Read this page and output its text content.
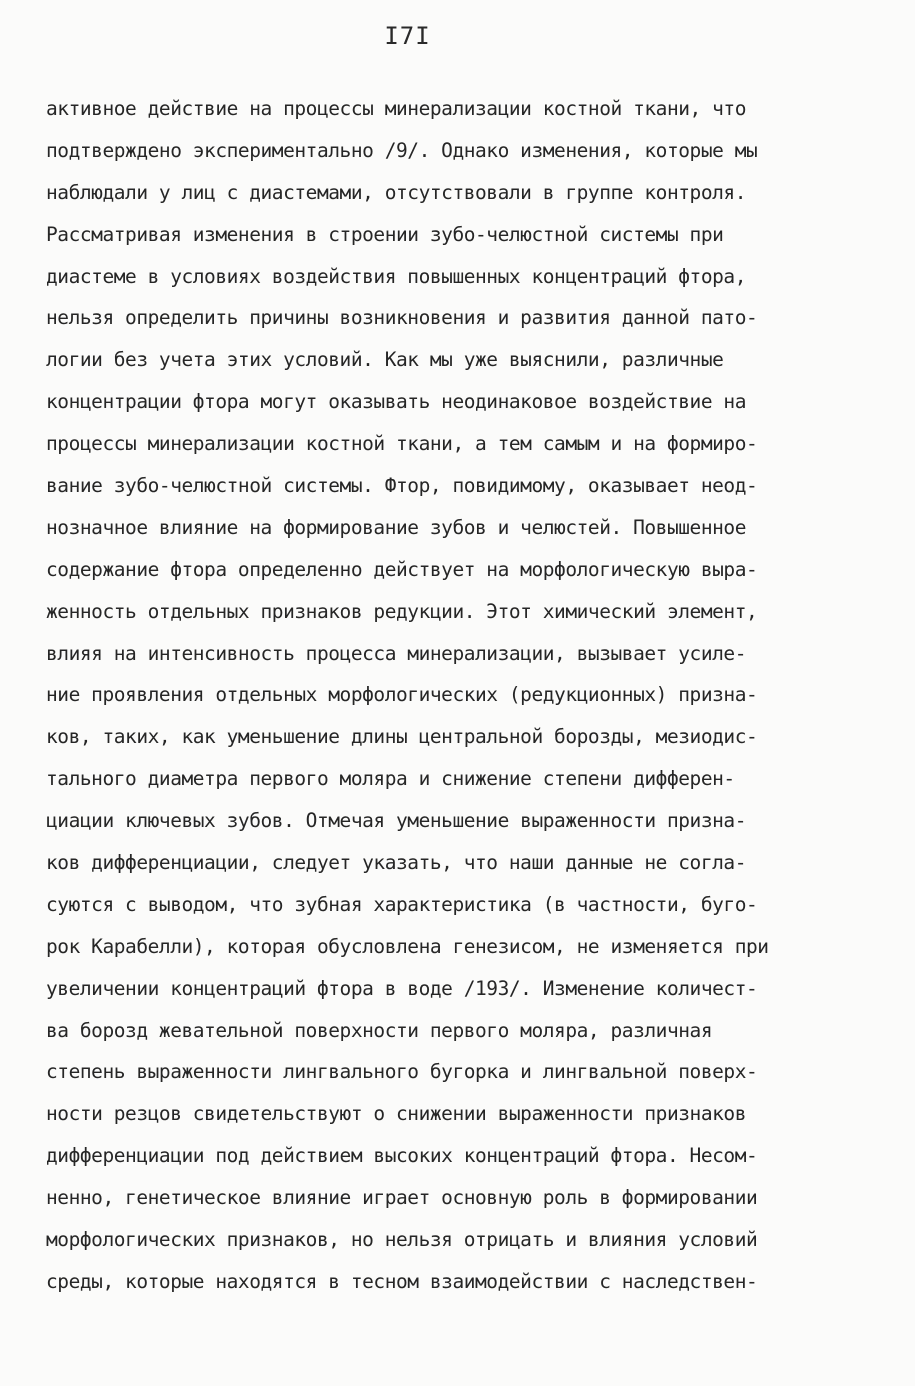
I7I
активное действие на процессы минерализации костной ткани, что
подтверждено экспериментально /9/. Однако изменения, которые мы
наблюдали у лиц с диастемами, отсутствовали в группе контроля.
Рассматривая изменения в строении зубо-челюстной системы при
диастеме в условиях воздействия повышенных концентраций фтора,
нельзя определить причины возникновения и развития данной пато-
логии без учета этих условий. Как мы уже выяснили, различные
концентрации фтора могут оказывать неодинаковое воздействие на
процессы минерализации костной ткани, а тем самым и на формиро-
вание зубо-челюстной системы. Фтор, повидимому, оказывает неод-
нозначное влияние на формирование зубов и челюстей. Повышенное
содержание фтора определенно действует на морфологическую выра-
женность отдельных признаков редукции. Этот химический элемент,
влияя на интенсивность процесса минерализации, вызывает усиле-
ние проявления отдельных морфологических (редукционных) призна-
ков, таких, как уменьшение длины центральной борозды, мезиодис-
тального диаметра первого моляра и снижение степени дифферен-
циации ключевых зубов. Отмечая уменьшение выраженности призна-
ков дифференциации, следует указать, что наши данные не согла-
суются с выводом, что зубная характеристика (в частности, буго-
рок Карабелли), которая обусловлена генезисом, не изменяется при
увеличении концентраций фтора в воде /193/. Изменение количест-
ва борозд жевательной поверхности первого моляра, различная
степень выраженности лингвального бугорка и лингвальной поверх-
ности резцов свидетельствуют о снижении выраженности признаков
дифференциации под действием высоких концентраций фтора. Несом-
ненно, генетическое влияние играет основную роль в формировании
морфологических признаков, но нельзя отрицать и влияния условий
среды, которые находятся в тесном взаимодействии с наследствен-
